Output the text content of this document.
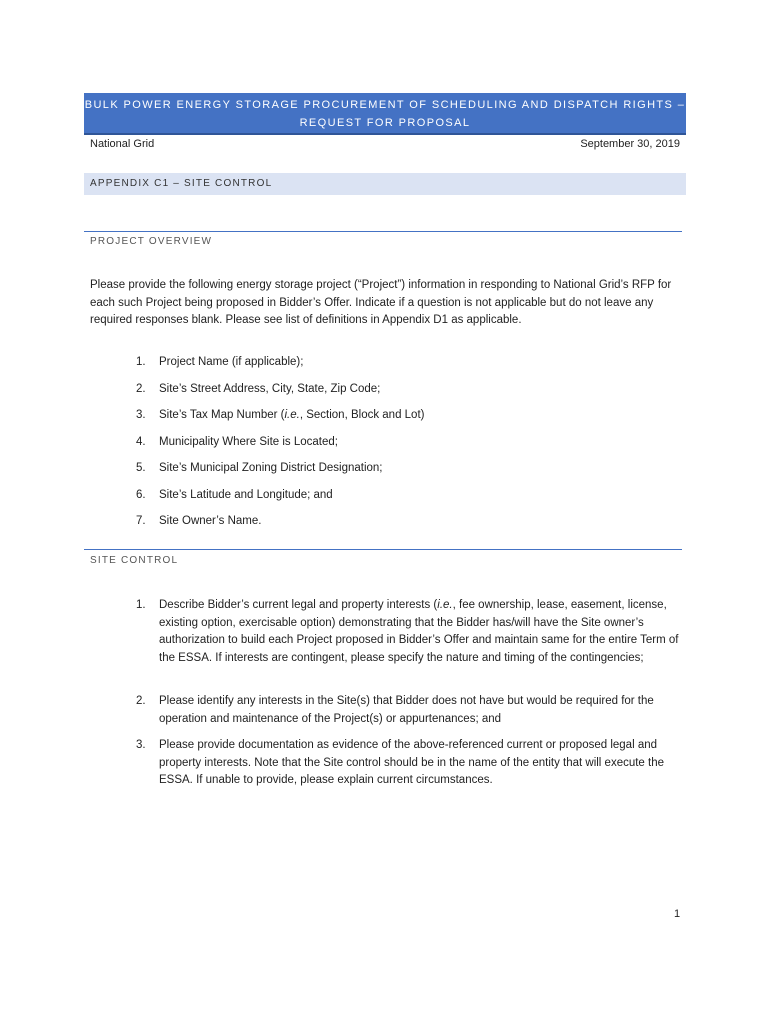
BULK POWER ENERGY STORAGE PROCUREMENT OF SCHEDULING AND DISPATCH RIGHTS –
REQUEST FOR PROPOSAL
National Grid	September 30, 2019
APPENDIX C1 – SITE CONTROL
PROJECT OVERVIEW
Please provide the following energy storage project (“Project”) information in responding to National Grid’s RFP for each such Project being proposed in Bidder’s Offer. Indicate if a question is not applicable but do not leave any required responses blank. Please see list of definitions in Appendix D1 as applicable.
1. Project Name (if applicable);
2. Site’s Street Address, City, State, Zip Code;
3. Site’s Tax Map Number (i.e., Section, Block and Lot)
4. Municipality Where Site is Located;
5. Site’s Municipal Zoning District Designation;
6. Site’s Latitude and Longitude; and
7. Site Owner’s Name.
SITE CONTROL
1. Describe Bidder’s current legal and property interests (i.e., fee ownership, lease, easement, license, existing option, exercisable option) demonstrating that the Bidder has/will have the Site owner’s authorization to build each Project proposed in Bidder’s Offer and maintain same for the entire Term of the ESSA. If interests are contingent, please specify the nature and timing of the contingencies;
2. Please identify any interests in the Site(s) that Bidder does not have but would be required for the operation and maintenance of the Project(s) or appurtenances; and
3. Please provide documentation as evidence of the above-referenced current or proposed legal and property interests. Note that the Site control should be in the name of the entity that will execute the ESSA. If unable to provide, please explain current circumstances.
1
